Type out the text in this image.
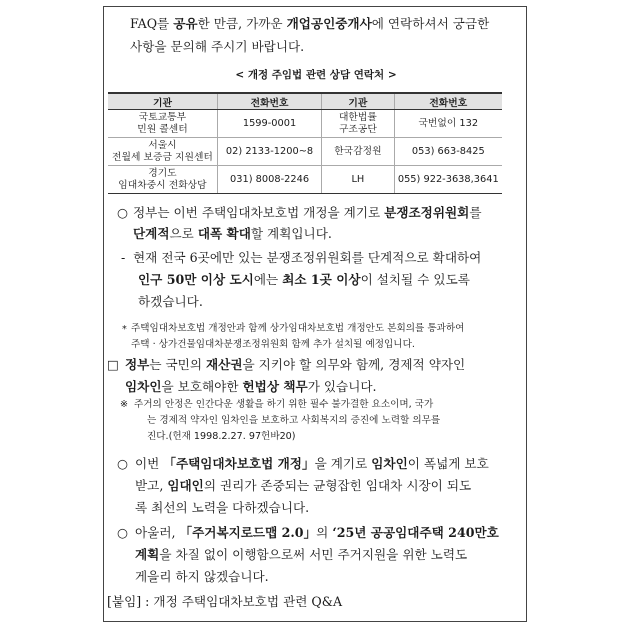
FAQ를 공유한 만큼, 가까운 개업공인중개사에 연락하셔서 궁금한
사항을 문의해 주시기 바랍니다.
< 개정 주임법 관련 상담 연락처 >
기관	전화번호	기관	전화번호

국토교통부
민원 콜센터	1599-0001	대한법률
구조공단	국번없이 132

서울시
전월세 보증금 지원센터	02) 2133-1200~8	한국감정원	053) 663-8425

경기도
임대차중시 전화상담	031) 8008-2246	LH	055) 922-3638,3641
○ 정부는 이번 주택임대차보호법 개정을 계기로 분쟁조정위원회를
단계적으로 대폭 확대할 계획입니다.
- 현재 전국 6곳에만 있는 분쟁조정위원회를 단계적으로 확대하여
인구 50만 이상 도시에는 최소 1곳 이상이 설치될 수 있도록
하겠습니다.
* 주택임대차보호법 개정안과 함께 상가임대차보호법 개정안도 본회의를 통과하여
주택 · 상가건물임대차분쟁조정위원회 함께 추가 설치될 예정입니다.
□ 정부는 국민의 재산권을 지키야 할 의무와 함께, 경제적 약자인
임차인을 보호해야한 헌법상 책무가 있습니다.
※ 주거의 안정은 인간다운 생활을 하기 위한 필수 불가결한 요소이며, 국가
는 경제적 약자인 임차인을 보호하고 사회복지의 증진에 노력할 의무를
진다.(헌재 1998.2.27. 97헌바20)
○ 이번 「주택임대차보호법 개정」을 계기로 임차인이 폭넓게 보호
받고, 임대인의 권리가 존중되는 균형잡힌 임대차 시장이 되도
록 최선의 노력을 다하겠습니다.
○ 아울러, 「주거복지로드맵 2.0」의 ‘25년 공공임대주택 240만호
계획을 차질 없이 이행함으로써 서민 주거지원을 위한 노력도
게을리 하지 않겠습니다.
[붙임] : 개정 주택임대차보호법 관련 Q&A
